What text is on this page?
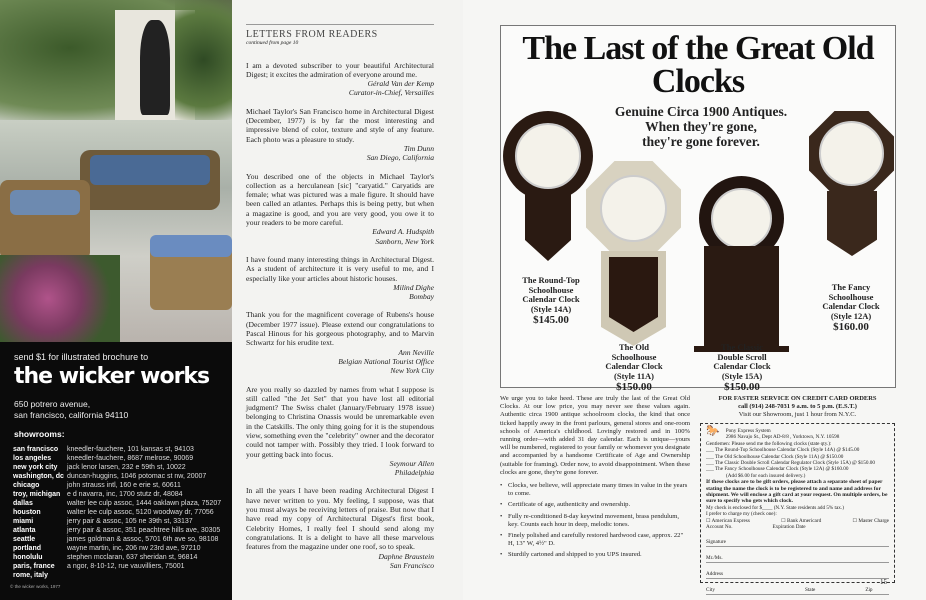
send $1 for illustrated brochure to
the wicker works
650 potrero avenue,
san francisco, california 94110
showrooms:
san francisco	kneedler-fauchere, 101 kansas st, 94103
los angeles	kneedler-fauchere, 8687 melrose, 90069
new york city	jack lenor larsen, 232 e 59th st, 10022
washington, dc duncan-huggins, 1046 potomac st nw, 20007
chicago	john strauss intl, 160 e erie st, 60611
troy, michigan e d navarra, inc, 1700 stutz dr, 48084
dallas	walter lee culp assoc, 1444 oaklawn plaza, 75207
houston	walter lee culp assoc, 5120 woodway dr, 77056
miami	jerry pair & assoc, 105 ne 39th st, 33137
atlanta	jerry pair & assoc, 351 peachtree hills ave, 30305
seattle	james goldman & assoc, 5701 6th ave so, 98108
portland	wayne martin, inc, 206 nw 23rd ave, 97210
honolulu	stephen mcclaran, 637 sheridan st, 96814
paris, france	a ngor, 8-10-12, rue vauvilliers, 75001
rome, italy
© the wicker works, 1977
LETTERS FROM READERS
continued from page 10

I am a devoted subscriber to your beautiful Architectural Digest; it excites the admiration of everyone around me.

Gérald Van der Kemp
Curator-in-Chief, Versailles

Michael Taylor's San Francisco home in Architectural Digest (December, 1977) is by far the most interesting and impressive blend of color, texture and style of any feature. Each photo was a pleasure to study.

Tim Dunn
San Diego, California

You described one of the objects in Michael Taylor's collection as a herculanean [sic] "caryatid." Caryatids are female; what was pictured was a male figure. It should have been called an atlantes. Perhaps this is being petty, but when a magazine is good, and you are very good, you owe it to your readers to be more careful.

Edward A. Hudspith
Sanborn, New York

I have found many interesting things in Architectural Digest. As a student of architecture it is very useful to me, and I especially like your articles about historic houses.

Milind Dighe
Bombay

Thank you for the magnificent coverage of Rubens's house (December 1977 issue). Please extend our congratulations to Pascal Hinous for his gorgeous photography, and to Marvin Schwartz for his erudite text.

Ann Neville
Belgian National Tourist Office
New York City

Are you really so dazzled by names from what I suppose is still called "the Jet Set" that you have lost all editorial judgment? The Swiss chalet (January/February 1978 issue) belonging to Christina Onassis would be unremarkable even in the Catskills. The only thing going for it is the stupendous view, something even the "celebrity" owner and the decorator could not tamper with. Possibly they tried. I look forward to your getting back into focus.

Seymour Allen
Philadelphia

In all the years I have been reading Architectural Digest I have never written to you. My feeling, I suppose, was that you must always be receiving letters of praise. But now that I have read my copy of Architectural Digest's first book, Celebrity Homes, I really feel I should send along my congratulations. It is a delight to have all these marvelous features from the magazine under one roof, so to speak.

Daphne Braustein
San Francisco
The Last of the Great Old Clocks
Genuine Circa 1900 Antiques.
When they're gone,
they're gone forever.
The Round-Top
Schoolhouse
Calendar Clock
(Style 14A)
$145.00
The Old
Schoolhouse
Calendar Clock
(Style 11A)
$150.00
The Classic
Double Scroll
Calendar Clock
(Style 15A)
$150.00
The Fancy
Schoolhouse
Calendar Clock
(Style 12A)
$160.00

We urge you to take heed. These are truly the last of the Great Old Clocks. At our low price, you may never see these values again. Authentic circa 1900 antique schoolroom clocks, the kind that once ticked happily away in the front parlours, general stores and one-room schools of America's childhood. Lovingly restored and in 100% running order—with added 31 day calendar. Each is unique—yours will be numbered, registered to your family or whomever you designate and accompanied by a handsome Certificate of Age and Ownership (suitable for framing). Order now, to avoid disappointment. When these clocks are gone, they're gone forever.

• Clocks, we believe, will appreciate many times in value in the years to come.
• Certificate of age, authenticity and ownership.
• Fully re-conditioned 8-day keywind movement, brass pendulum, key. Counts each hour in deep, melodic tones.
• Finely polished and carefully restored hardwood case, approx. 22" H, 13" W, 4½" D.
• Sturdily cartoned and shipped to you UPS insured.
FOR FASTER SERVICE ON CREDIT CARD ORDERS
call (914) 248-7031 9 a.m. to 5 p.m. (E.S.T.)
Visit our Showroom, just 1 hour from N.Y.C.
🐎 Pony Express System
2986 Navajo St., Dept AD-8/8 , Yorktown, N.Y. 10598
Gentlemen: Please send me the following clocks (state qty.):
___ The Round-Top Schoolhouse Calendar Clock (Style 14A) @ $145.00
___ The Old Schoolhouse Calendar Clock (Style 11A) @ $150.00
___ The Classic Double Scroll Calendar Regulator Clock (Style 15A) @ $150.00
___ The Fancy Schoolhouse Calendar Clock (Style 12A) @ $160.00
(Add $6.00 for each insured delivery.)
If these clocks are to be gift orders, please attach a separate sheet of paper stating the name the clock is to be registered to and name and address for shipment. We will enclose a gift card at your request. On multiple orders, be sure to specify who gets which clock.
My check is enclosed for $____ (N.Y. State residents add 5% tax.)
I prefer to charge my (check one):
☐ American Express	☐ Bank Americard	☐ Master Charge
Account No.	Expiration Date
Signature
Mr./Ms.
Address
City	State	Zip
15
